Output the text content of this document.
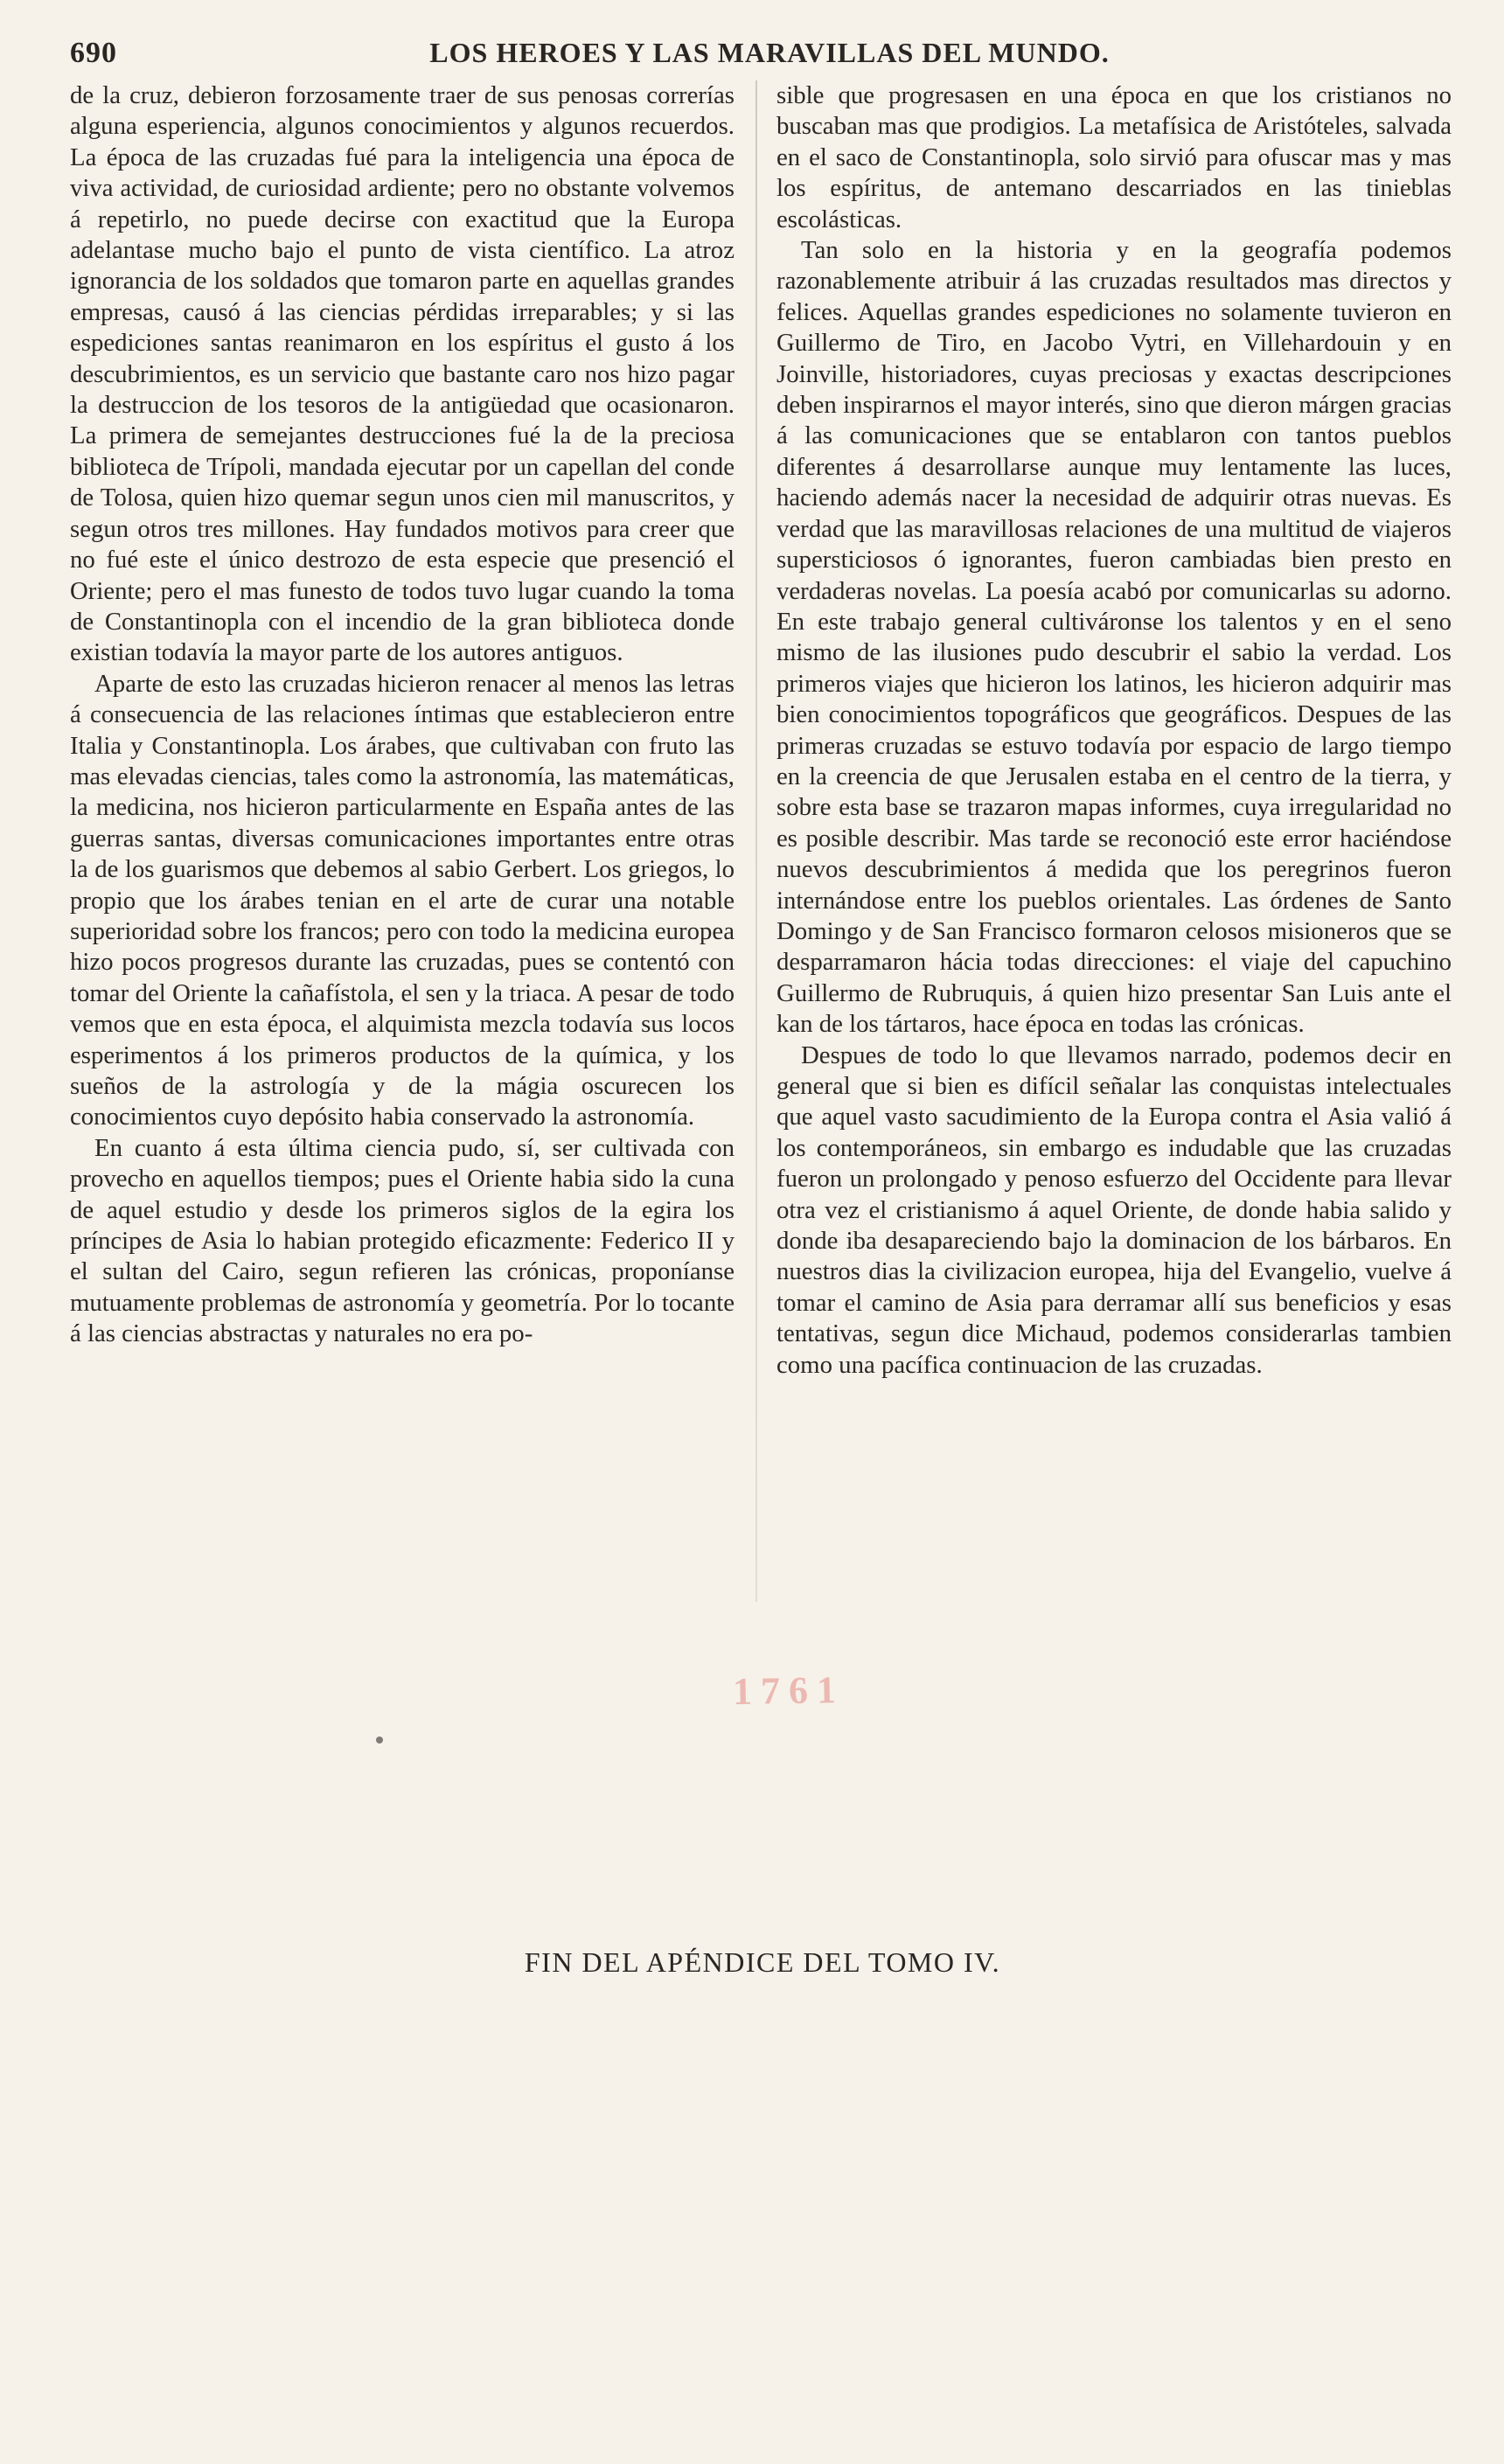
690	LOS HEROES Y LAS MARAVILLAS DEL MUNDO.

de la cruz, debieron forzosamente traer de sus penosas correrías alguna esperiencia, algunos conocimientos y algunos recuerdos. La época de las cruzadas fué para la inteligencia una época de viva actividad, de curiosidad ardiente; pero no obstante volvemos á repetirlo, no puede decirse con exactitud que la Europa adelantase mucho bajo el punto de vista científico. La atroz ignorancia de los soldados que tomaron parte en aquellas grandes empresas, causó á las ciencias pérdidas irreparables; y si las espediciones santas reanimaron en los espíritus el gusto á los descubrimientos, es un servicio que bastante caro nos hizo pagar la destruccion de los tesoros de la antigüedad que ocasionaron. La primera de semejantes destrucciones fué la de la preciosa biblioteca de Trípoli, mandada ejecutar por un capellan del conde de Tolosa, quien hizo quemar segun unos cien mil manuscritos, y segun otros tres millones. Hay fundados motivos para creer que no fué este el único destrozo de esta especie que presenció el Oriente; pero el mas funesto de todos tuvo lugar cuando la toma de Constantinopla con el incendio de la gran biblioteca donde existian todavía la mayor parte de los autores antiguos.

Aparte de esto las cruzadas hicieron renacer al menos las letras á consecuencia de las relaciones íntimas que establecieron entre Italia y Constantinopla. Los árabes, que cultivaban con fruto las mas elevadas ciencias, tales como la astronomía, las matemáticas, la medicina, nos hicieron particularmente en España antes de las guerras santas, diversas comunicaciones importantes entre otras la de los guarismos que debemos al sabio Gerbert. Los griegos, lo propio que los árabes tenian en el arte de curar una notable superioridad sobre los francos; pero con todo la medicina europea hizo pocos progresos durante las cruzadas, pues se contentó con tomar del Oriente la cañafístola, el sen y la triaca. A pesar de todo vemos que en esta época, el alquimista mezcla todavía sus locos esperimentos á los primeros productos de la química, y los sueños de la astrología y de la mágia oscurecen los conocimientos cuyo depósito habia conservado la astronomía.

En cuanto á esta última ciencia pudo, sí, ser cultivada con provecho en aquellos tiempos; pues el Oriente habia sido la cuna de aquel estudio y desde los primeros siglos de la egira los príncipes de Asia lo habian protegido eficazmente: Federico II y el sultan del Cairo, segun refieren las crónicas, proponíanse mutuamente problemas de astronomía y geometría. Por lo tocante á las ciencias abstractas y naturales no era po-

sible que progresasen en una época en que los cristianos no buscaban mas que prodigios. La metafísica de Aristóteles, salvada en el saco de Constantinopla, solo sirvió para ofuscar mas y mas los espíritus, de antemano descarriados en las tinieblas escolásticas.

Tan solo en la historia y en la geografía podemos razonablemente atribuir á las cruzadas resultados mas directos y felices. Aquellas grandes espediciones no solamente tuvieron en Guillermo de Tiro, en Jacobo Vytri, en Villehardouin y en Joinville, historiadores, cuyas preciosas y exactas descripciones deben inspirarnos el mayor interés, sino que dieron márgen gracias á las comunicaciones que se entablaron con tantos pueblos diferentes á desarrollarse aunque muy lentamente las luces, haciendo además nacer la necesidad de adquirir otras nuevas. Es verdad que las maravillosas relaciones de una multitud de viajeros supersticiosos ó ignorantes, fueron cambiadas bien presto en verdaderas novelas. La poesía acabó por comunicarlas su adorno. En este trabajo general cultiváronse los talentos y en el seno mismo de las ilusiones pudo descubrir el sabio la verdad. Los primeros viajes que hicieron los latinos, les hicieron adquirir mas bien conocimientos topográficos que geográficos. Despues de las primeras cruzadas se estuvo todavía por espacio de largo tiempo en la creencia de que Jerusalen estaba en el centro de la tierra, y sobre esta base se trazaron mapas informes, cuya irregularidad no es posible describir. Mas tarde se reconoció este error haciéndose nuevos descubrimientos á medida que los peregrinos fueron internándose entre los pueblos orientales. Las órdenes de Santo Domingo y de San Francisco formaron celosos misioneros que se desparramaron hácia todas direcciones: el viaje del capuchino Guillermo de Rubruquis, á quien hizo presentar San Luis ante el kan de los tártaros, hace época en todas las crónicas.

Despues de todo lo que llevamos narrado, podemos decir en general que si bien es difícil señalar las conquistas intelectuales que aquel vasto sacudimiento de la Europa contra el Asia valió á los contemporáneos, sin embargo es indudable que las cruzadas fueron un prolongado y penoso esfuerzo del Occidente para llevar otra vez el cristianismo á aquel Oriente, de donde habia salido y donde iba desapareciendo bajo la dominacion de los bárbaros. En nuestros dias la civilizacion europea, hija del Evangelio, vuelve á tomar el camino de Asia para derramar allí sus beneficios y esas tentativas, segun dice Michaud, podemos considerarlas tambien como una pacífica continuacion de las cruzadas.

1761
FIN DEL APÉNDICE DEL TOMO IV.
